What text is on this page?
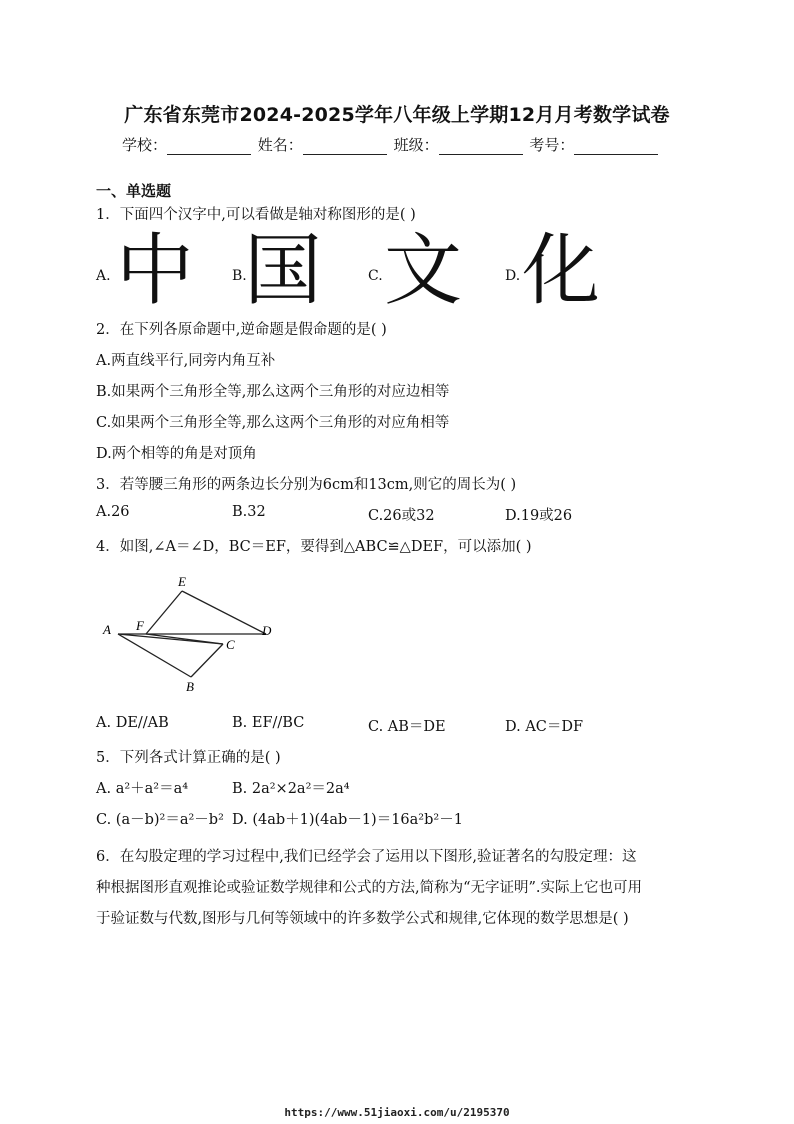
广东省东莞市2024-2025学年八年级上学期12月月考数学试卷
学校：	姓名：	班级：	考号：
一、单选题
1．下面四个汉字中,可以看做是轴对称图形的是( )
A. 中	B.
国	C. 文	D. 化
2．在下列各原命题中,逆命题是假命题的是( )
A.两直线平行,同旁内角互补
B.如果两个三角形全等,那么这两个三角形的对应边相等
C.如果两个三角形全等,那么这两个三角形的对应角相等
D.两个相等的角是对顶角
3．若等腰三角形的两条边长分别为6cm和13cm,则它的周长为( )
A.26	B.32	C.26或32	D.19或26
4．如图,∠A＝∠D，BC＝EF，要得到△ABC≌△DEF，可以添加( )
A F
E
D
C
B
A. DE//AB	B. EF//BC	C. AB＝DE	D. AC＝DF
5．下列各式计算正确的是( )
A. a²＋a²＝a⁴	B. 2a²×2a²＝2a⁴
C. (a－b)²＝a²－b² D. (4ab＋1)(4ab－1)＝16a²b²－1
6．在勾股定理的学习过程中,我们已经学会了运用以下图形,验证著名的勾股定理：这
种根据图形直观推论或验证数学规律和公式的方法,简称为“无字证明”.实际上它也可用
于验证数与代数,图形与几何等领域中的许多数学公式和规律,它体现的数学思想是( )
https://www.51jiaoxi.com/u/2195370
